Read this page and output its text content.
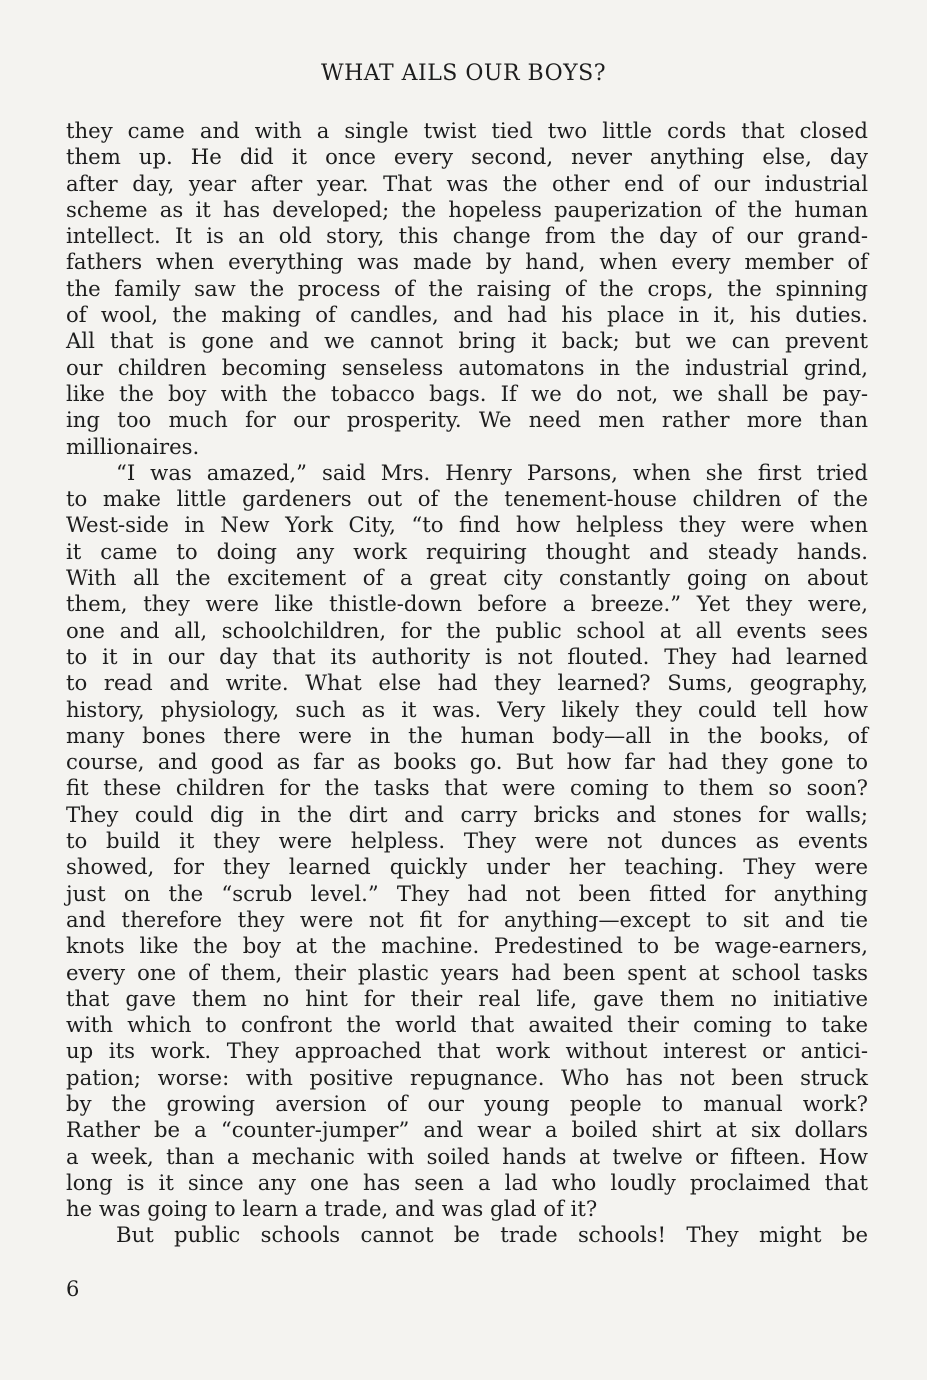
WHAT AILS OUR BOYS?
they came and with a single twist tied two little cords that closed
them up. He did it once every second, never anything else, day
after day, year after year. That was the other end of our industrial
scheme as it has developed; the hopeless pauperization of the human
intellect. It is an old story, this change from the day of our grand-
fathers when everything was made by hand, when every member of
the family saw the process of the raising of the crops, the spinning
of wool, the making of candles, and had his place in it, his duties.
All that is gone and we cannot bring it back; but we can prevent
our children becoming senseless automatons in the industrial grind,
like the boy with the tobacco bags. If we do not, we shall be pay-
ing too much for our prosperity. We need men rather more than
millionaires.
“I was amazed,” said Mrs. Henry Parsons, when she first tried
to make little gardeners out of the tenement-house children of the
West-side in New York City, “to find how helpless they were when
it came to doing any work requiring thought and steady hands.
With all the excitement of a great city constantly going on about
them, they were like thistle-down before a breeze.” Yet they were,
one and all, schoolchildren, for the public school at all events sees
to it in our day that its authority is not flouted. They had learned
to read and write. What else had they learned? Sums, geography,
history, physiology, such as it was. Very likely they could tell how
many bones there were in the human body—all in the books, of
course, and good as far as books go. But how far had they gone to
fit these children for the tasks that were coming to them so soon?
They could dig in the dirt and carry bricks and stones for walls;
to build it they were helpless. They were not dunces as events
showed, for they learned quickly under her teaching. They were
just on the “scrub level.” They had not been fitted for anything
and therefore they were not fit for anything—except to sit and tie
knots like the boy at the machine. Predestined to be wage-earners,
every one of them, their plastic years had been spent at school tasks
that gave them no hint for their real life, gave them no initiative
with which to confront the world that awaited their coming to take
up its work. They approached that work without interest or antici-
pation; worse: with positive repugnance. Who has not been struck
by the growing aversion of our young people to manual work?
Rather be a “counter-jumper” and wear a boiled shirt at six dollars
a week, than a mechanic with soiled hands at twelve or fifteen. How
long is it since any one has seen a lad who loudly proclaimed that
he was going to learn a trade, and was glad of it?
But public schools cannot be trade schools! They might be
6
